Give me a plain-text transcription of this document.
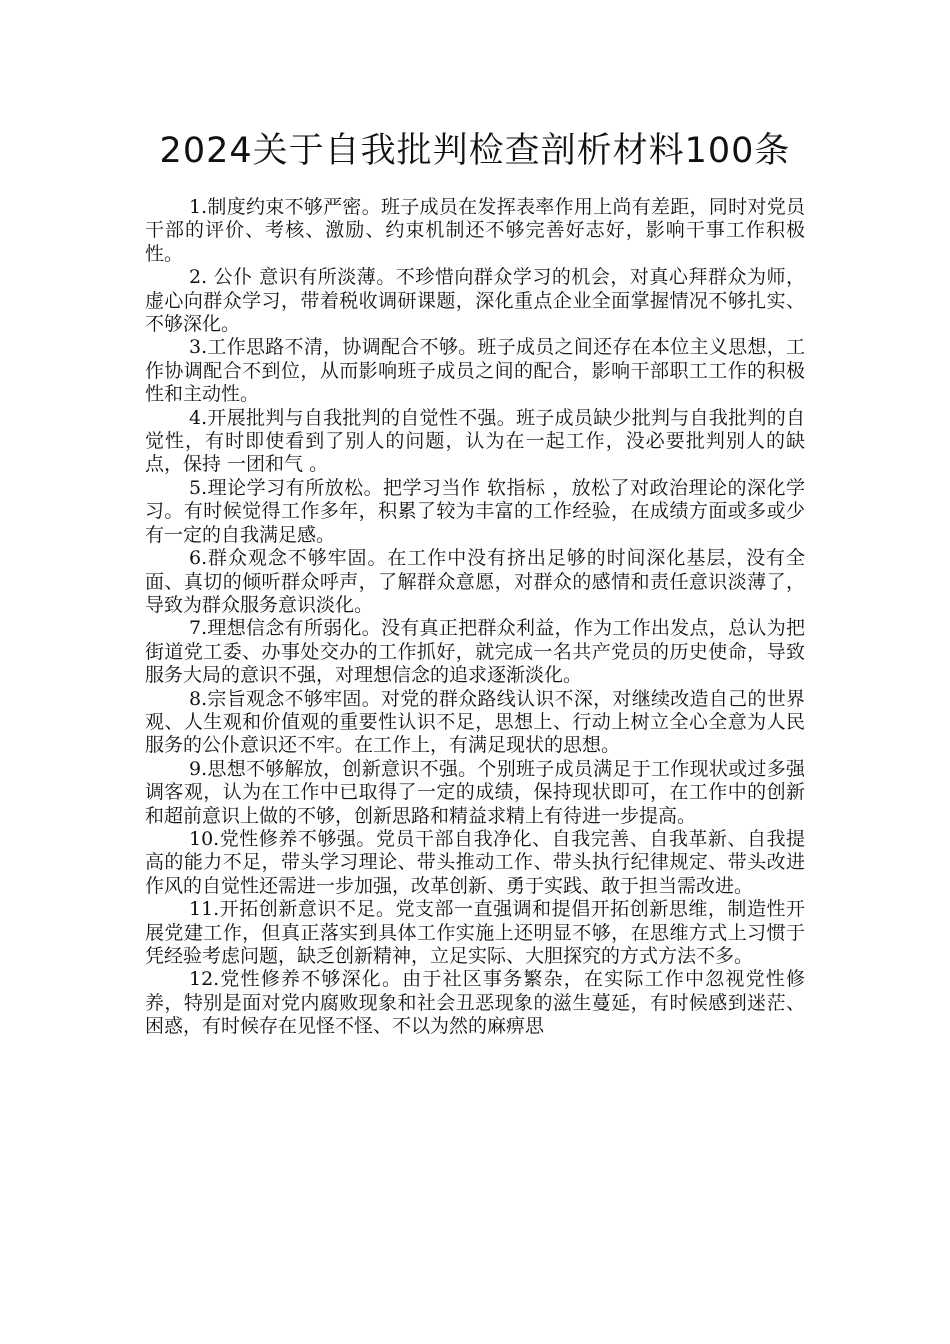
2024关于自我批判检查剖析材料100条

1.制度约束不够严密。班子成员在发挥表率作用上尚有差距，同时对党员干部的评价、考核、激励、约束机制还不够完善好志好，影响干事工作积极性。

2. 公仆 意识有所淡薄。不珍惜向群众学习的机会，对真心拜群众为师，虚心向群众学习，带着税收调研课题，深化重点企业全面掌握情况不够扎实、不够深化。

3.工作思路不清，协调配合不够。班子成员之间还存在本位主义思想，工作协调配合不到位，从而影响班子成员之间的配合，影响干部职工工作的积极性和主动性。

4.开展批判与自我批判的自觉性不强。班子成员缺少批判与自我批判的自觉性，有时即使看到了别人的问题，认为在一起工作，没必要批判别人的缺点，保持 一团和气 。

5.理论学习有所放松。把学习当作 软指标 ，放松了对政治理论的深化学习。有时候觉得工作多年，积累了较为丰富的工作经验，在成绩方面或多或少有一定的自我满足感。

6.群众观念不够牢固。在工作中没有挤出足够的时间深化基层，没有全面、真切的倾听群众呼声，了解群众意愿，对群众的感情和责任意识淡薄了，导致为群众服务意识淡化。

7.理想信念有所弱化。没有真正把群众利益，作为工作出发点，总认为把街道党工委、办事处交办的工作抓好，就完成一名共产党员的历史使命，导致服务大局的意识不强，对理想信念的追求逐渐淡化。

8.宗旨观念不够牢固。对党的群众路线认识不深，对继续改造自己的世界观、人生观和价值观的重要性认识不足，思想上、行动上树立全心全意为人民服务的公仆意识还不牢。在工作上，有满足现状的思想。

9.思想不够解放，创新意识不强。个别班子成员满足于工作现状或过多强调客观，认为在工作中已取得了一定的成绩，保持现状即可，在工作中的创新和超前意识上做的不够，创新思路和精益求精上有待进一步提高。

10.党性修养不够强。党员干部自我净化、自我完善、自我革新、自我提高的能力不足，带头学习理论、带头推动工作、带头执行纪律规定、带头改进作风的自觉性还需进一步加强，改革创新、勇于实践、敢于担当需改进。

11.开拓创新意识不足。党支部一直强调和提倡开拓创新思维，制造性开展党建工作，但真正落实到具体工作实施上还明显不够，在思维方式上习惯于凭经验考虑问题，缺乏创新精神，立足实际、大胆探究的方式方法不多。

12.党性修养不够深化。由于社区事务繁杂，在实际工作中忽视党性修养，特别是面对党内腐败现象和社会丑恶现象的滋生蔓延，有时候感到迷茫、困惑，有时候存在见怪不怪、不以为然的麻痹思
